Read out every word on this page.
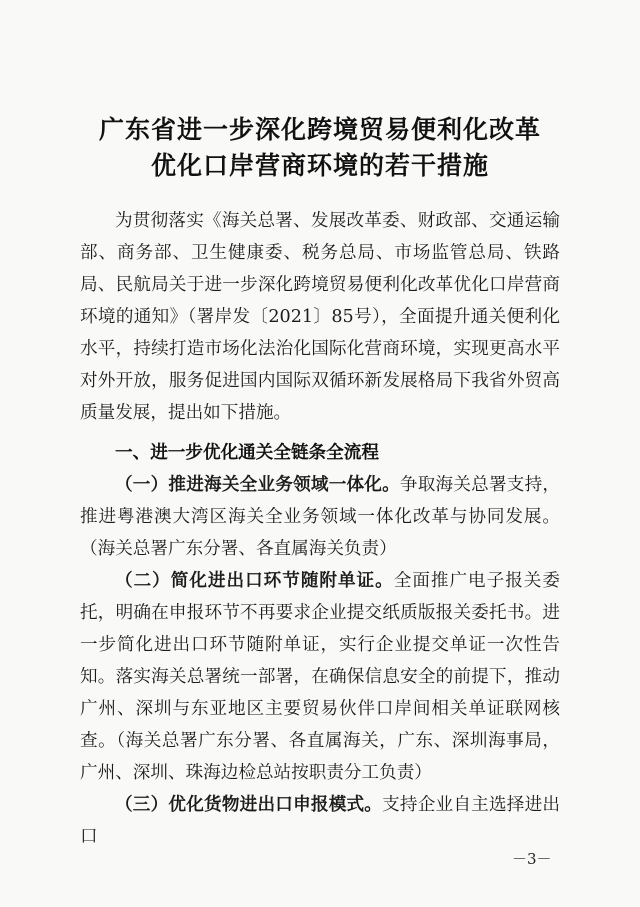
广东省进一步深化跨境贸易便利化改革
优化口岸营商环境的若干措施

为贯彻落实《海关总署、发展改革委、财政部、交通运输部、商务部、卫生健康委、税务总局、市场监管总局、铁路局、民航局关于进一步深化跨境贸易便利化改革优化口岸营商环境的通知》（署岸发〔2021〕85号），全面提升通关便利化水平，持续打造市场化法治化国际化营商环境，实现更高水平对外开放，服务促进国内国际双循环新发展格局下我省外贸高质量发展，提出如下措施。

一、进一步优化通关全链条全流程

（一）推进海关全业务领域一体化。争取海关总署支持，推进粤港澳大湾区海关全业务领域一体化改革与协同发展。（海关总署广东分署、各直属海关负责）

（二）简化进出口环节随附单证。全面推广电子报关委托，明确在申报环节不再要求企业提交纸质版报关委托书。进一步简化进出口环节随附单证，实行企业提交单证一次性告知。落实海关总署统一部署，在确保信息安全的前提下，推动广州、深圳与东亚地区主要贸易伙伴口岸间相关单证联网核查。（海关总署广东分署、各直属海关，广东、深圳海事局，广州、深圳、珠海边检总站按职责分工负责）

（三）优化货物进出口申报模式。支持企业自主选择进出口

－3－
